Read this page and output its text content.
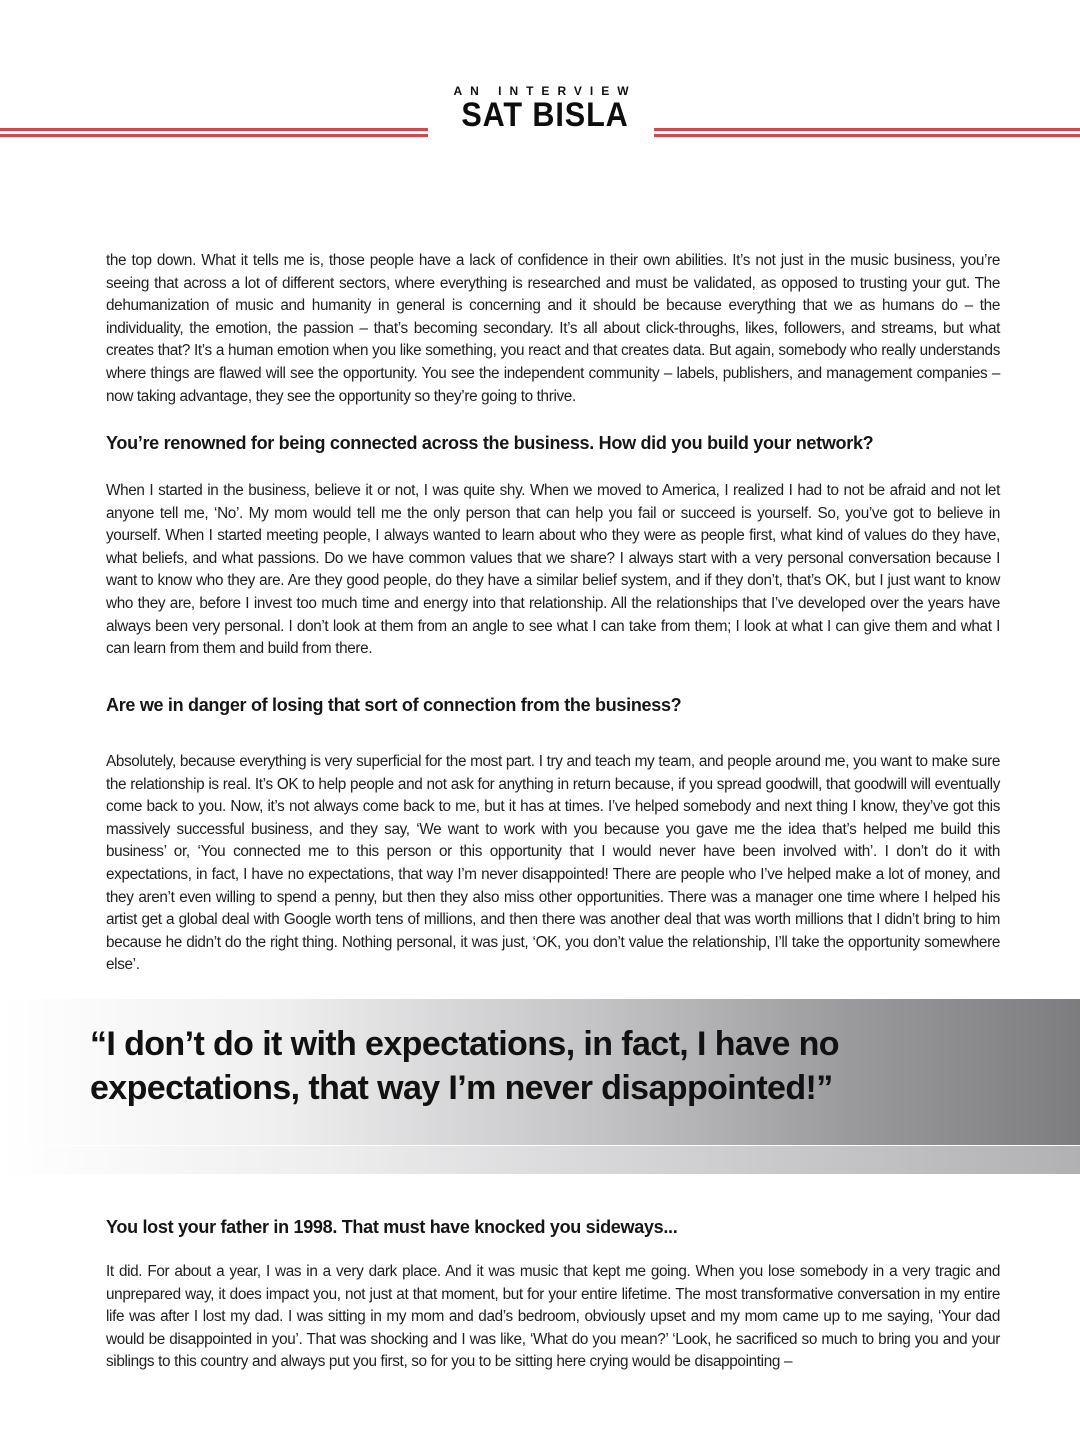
AN INTERVIEW
SAT BISLA

the top down. What it tells me is, those people have a lack of confidence in their own abilities. It’s not just in the music business, you’re seeing that across a lot of different sectors, where everything is researched and must be validated, as opposed to trusting your gut. The dehumanization of music and humanity in general is concerning and it should be because everything that we as humans do – the individuality, the emotion, the passion – that’s becoming secondary. It’s all about click-throughs, likes, followers, and streams, but what creates that? It’s a human emotion when you like something, you react and that creates data. But again, somebody who really understands where things are flawed will see the opportunity. You see the independent community – labels, publishers, and management companies – now taking advantage, they see the opportunity so they’re going to thrive.

You’re renowned for being connected across the business. How did you build your network?

When I started in the business, believe it or not, I was quite shy. When we moved to America, I realized I had to not be afraid and not let anyone tell me, ‘No’. My mom would tell me the only person that can help you fail or succeed is yourself. So, you’ve got to believe in yourself. When I started meeting people, I always wanted to learn about who they were as people first, what kind of values do they have, what beliefs, and what passions. Do we have common values that we share? I always start with a very personal conversation because I want to know who they are. Are they good people, do they have a similar belief system, and if they don’t, that’s OK, but I just want to know who they are, before I invest too much time and energy into that relationship. All the relationships that I’ve developed over the years have always been very personal. I don’t look at them from an angle to see what I can take from them; I look at what I can give them and what I can learn from them and build from there.

Are we in danger of losing that sort of connection from the business?

Absolutely, because everything is very superficial for the most part. I try and teach my team, and people around me, you want to make sure the relationship is real. It’s OK to help people and not ask for anything in return because, if you spread goodwill, that goodwill will eventually come back to you. Now, it’s not always come back to me, but it has at times. I’ve helped somebody and next thing I know, they’ve got this massively successful business, and they say, ‘We want to work with you because you gave me the idea that’s helped me build this business’ or, ‘You connected me to this person or this opportunity that I would never have been involved with’. I don’t do it with expectations, in fact, I have no expectations, that way I’m never disappointed! There are people who I’ve helped make a lot of money, and they aren’t even willing to spend a penny, but then they also miss other opportunities. There was a manager one time where I helped his artist get a global deal with Google worth tens of millions, and then there was another deal that was worth millions that I didn’t bring to him because he didn’t do the right thing. Nothing personal, it was just, ‘OK, you don’t value the relationship, I’ll take the opportunity somewhere else’.

“I don’t do it with expectations, in fact, I have no expectations, that way I’m never disappointed!”

You lost your father in 1998. That must have knocked you sideways...

It did. For about a year, I was in a very dark place. And it was music that kept me going. When you lose somebody in a very tragic and unprepared way, it does impact you, not just at that moment, but for your entire lifetime. The most transformative conversation in my entire life was after I lost my dad. I was sitting in my mom and dad’s bedroom, obviously upset and my mom came up to me saying, ‘Your dad would be disappointed in you’. That was shocking and I was like, ‘What do you mean?’ ‘Look, he sacrificed so much to bring you and your siblings to this country and always put you first, so for you to be sitting here crying would be disappointing –
